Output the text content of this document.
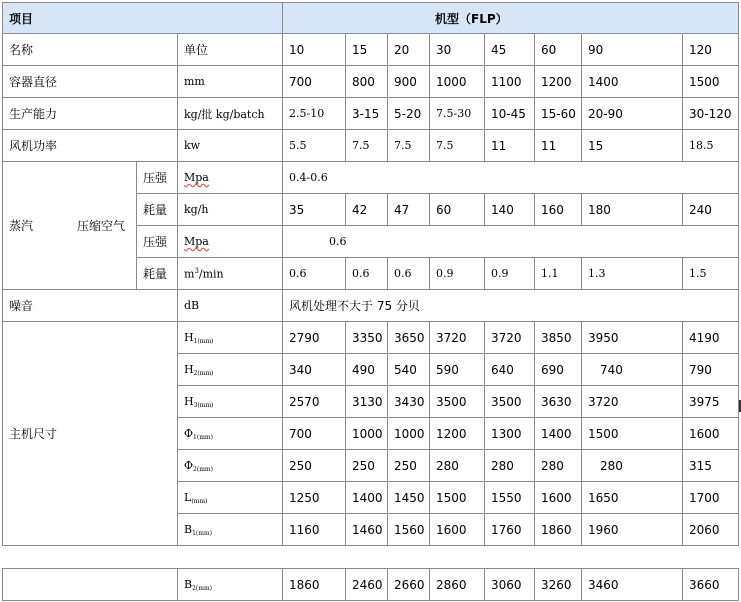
项目			机型（FLP）							
名称		单位	10	15	20	30	45	60	90	120
容器直径		mm	700	800	900	1000	1100	1200	1400	1500
生产能力		kg/批 kg/batch	2.5-10	3-15	5-20	7.5-30	10-45	15-60	20-90	30-120
风机功率		kw	5.5	7.5	7.5	7.5	11	11	15	18.5
蒸汽 压缩空气	压强	Mpa	0.4-0.6							
	耗量	kg/h	35	42	47	60	140	160	180	240
	压强	Mpa	0.6							
	耗量	$m^3/\min$	0.6	0.6	0.6	0.9	0.9	1.1	1.3	1.5
噪音		dB	风机处理不大于 75 分贝							
主机尺寸		$H_{1(mm)}$	2790	3350	3650	3720	3720	3850	3950	4190
		$H_{2(mm)}$	340	490	540	590	640	690	740	790
		$H_{3(mm)}$	2570	3130	3430	3500	3500	3630	3720	3975
		$\Phi_{1(mm)}$	700	1000	1000	1200	1300	1400	1500	1600
		$\Phi_{2(mm)}$	250	250	250	280	280	280	280	315
		$L_{(mm)}$	1250	1400	1450	1500	1550	1600	1650	1700
		$B_{1(mm)}$	1160	1460	1560	1600	1760	1860	1960	2060

		$B_{2(mm)}$	1860	2460	2660	2860	3060	3260	3460	3660
